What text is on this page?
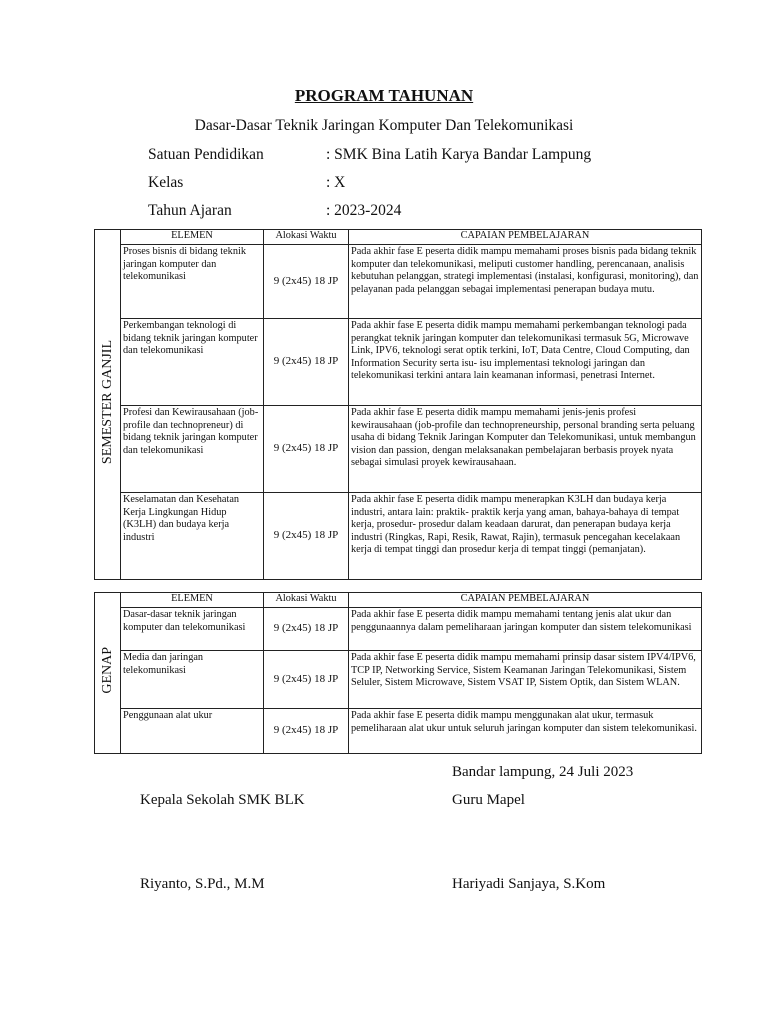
PROGRAM TAHUNAN
Dasar-Dasar Teknik Jaringan Komputer Dan Telekomunikasi
Satuan Pendidikan	: SMK Bina Latih Karya Bandar Lampung
Kelas	: X
Tahun Ajaran	: 2023-2024
SEMESTER GANJIL	ELEMEN	Alokasi Waktu	CAPAIAN PEMBELAJARAN
	Proses bisnis di bidang teknik jaringan komputer dan telekomunikasi	9 (2x45) 18 JP	Pada akhir fase E peserta didik mampu memahami proses bisnis pada bidang teknik komputer dan telekomunikasi, meliputi customer handling, perencanaan, analisis kebutuhan pelanggan, strategi implementasi (instalasi, konfigurasi, monitoring), dan pelayanan pada pelanggan sebagai implementasi penerapan budaya mutu.
	Perkembangan teknologi di bidang teknik jaringan komputer dan telekomunikasi	9 (2x45) 18 JP	Pada akhir fase E peserta didik mampu memahami perkembangan teknologi pada perangkat teknik jaringan komputer dan telekomunikasi termasuk 5G, Microwave Link, IPV6, teknologi serat optik terkini, IoT, Data Centre, Cloud Computing, dan Information Security serta isu- isu implementasi teknologi jaringan dan telekomunikasi terkini antara lain keamanan informasi, penetrasi Internet.
	Profesi dan Kewirausahaan (job- profile dan technopreneur) di bidang teknik jaringan komputer dan telekomunikasi	9 (2x45) 18 JP	Pada akhir fase E peserta didik mampu memahami jenis-jenis profesi kewirausahaan (job-profile dan technopreneurship, personal branding serta peluang usaha di bidang Teknik Jaringan Komputer dan Telekomunikasi, untuk membangun vision dan passion, dengan melaksanakan pembelajaran berbasis proyek nyata sebagai simulasi proyek kewirausahaan.
	Keselamatan dan Kesehatan Kerja Lingkungan Hidup (K3LH) dan budaya kerja industri	9 (2x45) 18 JP	Pada akhir fase E peserta didik mampu menerapkan K3LH dan budaya kerja industri, antara lain: praktik- praktik kerja yang aman, bahaya-bahaya di tempat kerja, prosedur- prosedur dalam keadaan darurat, dan penerapan budaya kerja industri (Ringkas, Rapi, Resik, Rawat, Rajin), termasuk pencegahan kecelakaan kerja di tempat tinggi dan prosedur kerja di tempat tinggi (pemanjatan).
GENAP	ELEMEN	Alokasi Waktu	CAPAIAN PEMBELAJARAN
	Dasar-dasar teknik jaringan komputer dan telekomunikasi	9 (2x45) 18 JP	Pada akhir fase E peserta didik mampu memahami tentang jenis alat ukur dan penggunaannya dalam pemeliharaan jaringan komputer dan sistem telekomunikasi
	Media dan jaringan telekomunikasi	9 (2x45) 18 JP	Pada akhir fase E peserta didik mampu memahami prinsip dasar sistem IPV4/IPV6, TCP IP, Networking Service, Sistem Keamanan Jaringan Telekomunikasi, Sistem Seluler, Sistem Microwave, Sistem VSAT IP, Sistem Optik, dan Sistem WLAN.
	Penggunaan alat ukur	9 (2x45) 18 JP	Pada akhir fase E peserta didik mampu menggunakan alat ukur, termasuk pemeliharaan alat ukur untuk seluruh jaringan komputer dan sistem telekomunikasi.
Bandar lampung, 24 Juli 2023
Kepala Sekolah SMK BLK	Guru Mapel
Riyanto, S.Pd., M.M	Hariyadi Sanjaya, S.Kom
